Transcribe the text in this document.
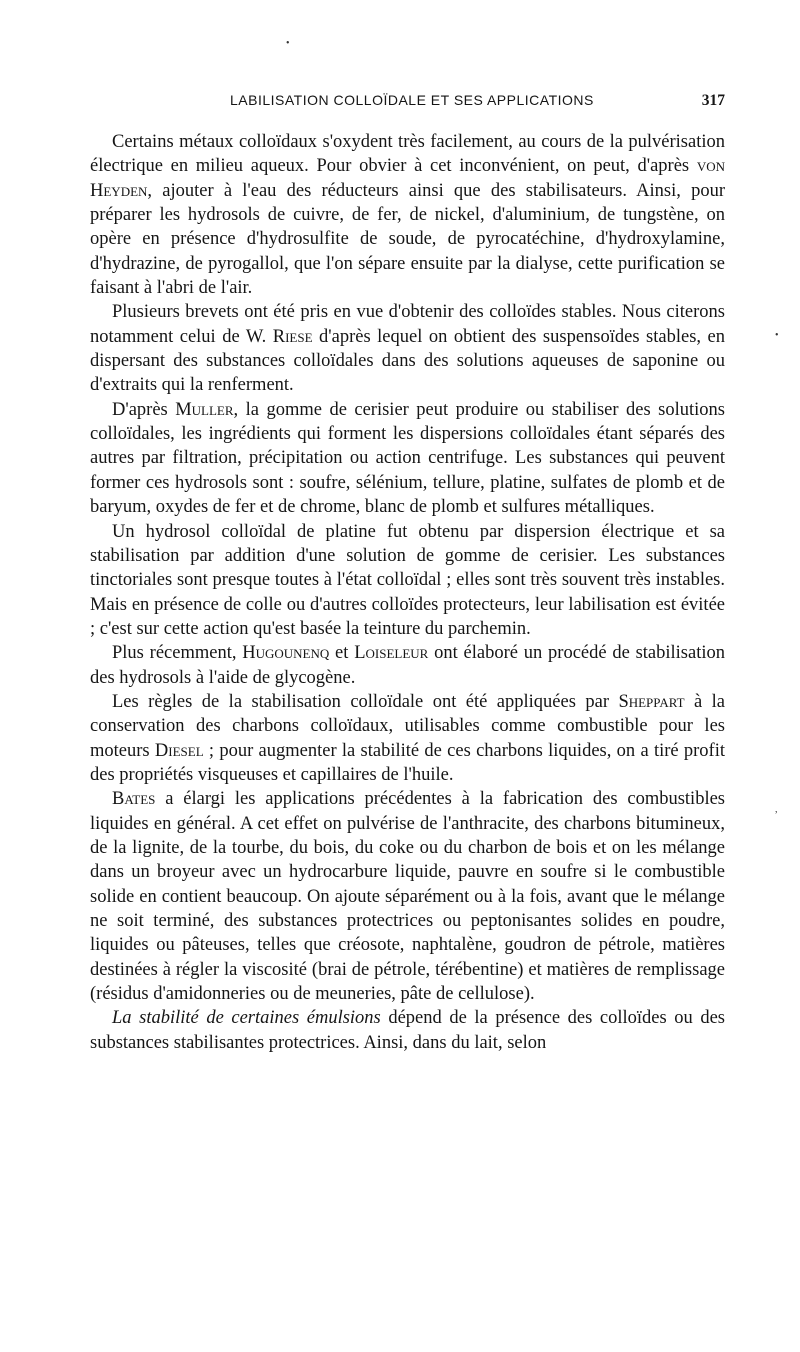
•
•
,
LABILISATION COLLOÏDALE ET SES APPLICATIONS	317

Certains métaux colloïdaux s'oxydent très facilement, au cours de la pulvérisation électrique en milieu aqueux. Pour obvier à cet inconvénient, on peut, d'après von Heyden, ajouter à l'eau des réducteurs ainsi que des stabilisateurs. Ainsi, pour préparer les hydrosols de cuivre, de fer, de nickel, d'aluminium, de tungstène, on opère en présence d'hydrosulfite de soude, de pyrocatéchine, d'hydroxylamine, d'hydrazine, de pyrogallol, que l'on sépare ensuite par la dialyse, cette purification se faisant à l'abri de l'air.

Plusieurs brevets ont été pris en vue d'obtenir des colloïdes stables. Nous citerons notamment celui de W. Riese d'après lequel on obtient des suspensoïdes stables, en dispersant des substances colloïdales dans des solutions aqueuses de saponine ou d'extraits qui la renferment.

D'après Muller, la gomme de cerisier peut produire ou stabiliser des solutions colloïdales, les ingrédients qui forment les dispersions colloïdales étant séparés des autres par filtration, précipitation ou action centrifuge. Les substances qui peuvent former ces hydrosols sont : soufre, sélénium, tellure, platine, sulfates de plomb et de baryum, oxydes de fer et de chrome, blanc de plomb et sulfures métalliques.

Un hydrosol colloïdal de platine fut obtenu par dispersion électrique et sa stabilisation par addition d'une solution de gomme de cerisier. Les substances tinctoriales sont presque toutes à l'état colloïdal ; elles sont très souvent très instables. Mais en présence de colle ou d'autres colloïdes protecteurs, leur labilisation est évitée ; c'est sur cette action qu'est basée la teinture du parchemin.

Plus récemment, Hugounenq et Loiseleur ont élaboré un procédé de stabilisation des hydrosols à l'aide de glycogène.

Les règles de la stabilisation colloïdale ont été appliquées par Sheppart à la conservation des charbons colloïdaux, utilisables comme combustible pour les moteurs Diesel ; pour augmenter la stabilité de ces charbons liquides, on a tiré profit des propriétés visqueuses et capillaires de l'huile.

Bates a élargi les applications précédentes à la fabrication des combustibles liquides en général. A cet effet on pulvérise de l'anthracite, des charbons bitumineux, de la lignite, de la tourbe, du bois, du coke ou du charbon de bois et on les mélange dans un broyeur avec un hydrocarbure liquide, pauvre en soufre si le combustible solide en contient beaucoup. On ajoute séparément ou à la fois, avant que le mélange ne soit terminé, des substances protectrices ou peptonisantes solides en poudre, liquides ou pâteuses, telles que créosote, naphtalène, goudron de pétrole, matières destinées à régler la viscosité (brai de pétrole, térébentine) et matières de remplissage (résidus d'amidonneries ou de meuneries, pâte de cellulose).

La stabilité de certaines émulsions dépend de la présence des colloïdes ou des substances stabilisantes protectrices. Ainsi, dans du lait, selon
